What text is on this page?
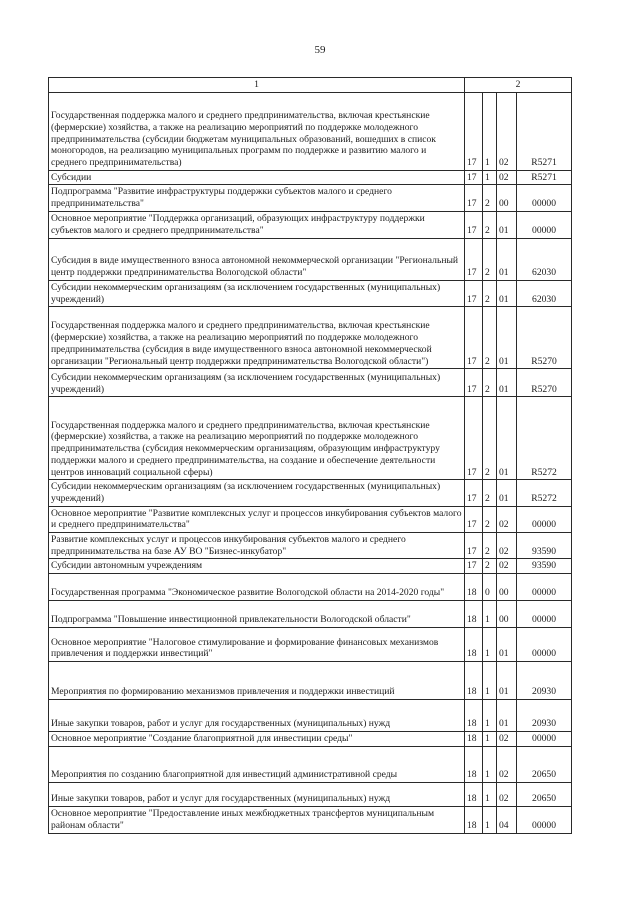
59
1	2			
Государственная поддержка малого и среднего предпринимательства, включая крестьянские (фермерские) хозяйства, а также на реализацию мероприятий по поддержке молодежного предпринимательства (субсидии бюджетам муниципальных образований, вошедших в список моногородов, на реализацию муниципальных программ по поддержке и развитию малого и среднего предпринимательства)	17	1	02	R5271
Субсидии	17	1	02	R5271
Подпрограмма "Развитие инфраструктуры поддержки субъектов малого и среднего предпринимательства"	17	2	00	00000
Основное мероприятие "Поддержка организаций, образующих инфраструктуру поддержки субъектов малого и среднего предпринимательства"	17	2	01	00000
Субсидия в виде имущественного взноса автономной некоммерческой организации "Региональный центр поддержки предпринимательства Вологодской области"	17	2	01	62030
Субсидии некоммерческим организациям (за исключением государственных (муниципальных) учреждений)	17	2	01	62030
Государственная поддержка малого и среднего предпринимательства, включая крестьянские (фермерские) хозяйства, а также на реализацию мероприятий по поддержке молодежного предпринимательства (субсидия в виде имущественного взноса автономной некоммерческой организации "Региональный центр поддержки предпринимательства Вологодской области")	17	2	01	R5270
Субсидии некоммерческим организациям (за исключением государственных (муниципальных) учреждений)	17	2	01	R5270
Государственная поддержка малого и среднего предпринимательства, включая крестьянские (фермерские) хозяйства, а также на реализацию мероприятий по поддержке молодежного предпринимательства (субсидия некоммерческим организациям, образующим инфраструктуру поддержки малого и среднего предпринимательства, на создание и обеспечение деятельности центров инноваций социальной сферы)	17	2	01	R5272
Субсидии некоммерческим организациям (за исключением государственных (муниципальных) учреждений)	17	2	01	R5272
Основное мероприятие "Развитие комплексных услуг и процессов инкубирования субъектов малого и среднего предпринимательства"	17	2	02	00000
Развитие комплексных услуг и процессов инкубирования субъектов малого и среднего предпринимательства на базе АУ ВО "Бизнес-инкубатор"	17	2	02	93590
Субсидии автономным учреждениям	17	2	02	93590
Государственная программа "Экономическое развитие Вологодской области на 2014-2020 годы"	18	0	00	00000
Подпрограмма "Повышение инвестиционной привлекательности Вологодской области"	18	1	00	00000
Основное мероприятие "Налоговое стимулирование и формирование финансовых механизмов привлечения и поддержки инвестиций"	18	1	01	00000
Мероприятия по формированию механизмов привлечения и поддержки инвестиций	18	1	01	20930
Иные закупки товаров, работ и услуг для государственных (муниципальных) нужд	18	1	01	20930
Основное мероприятие "Создание благоприятной для инвестиции среды"	18	1	02	00000
Мероприятия по созданию благоприятной для инвестиций административной среды	18	1	02	20650
Иные закупки товаров, работ и услуг для государственных (муниципальных) нужд	18	1	02	20650
Основное мероприятие "Предоставление иных межбюджетных трансфертов муниципальным районам области"	18	1	04	00000
